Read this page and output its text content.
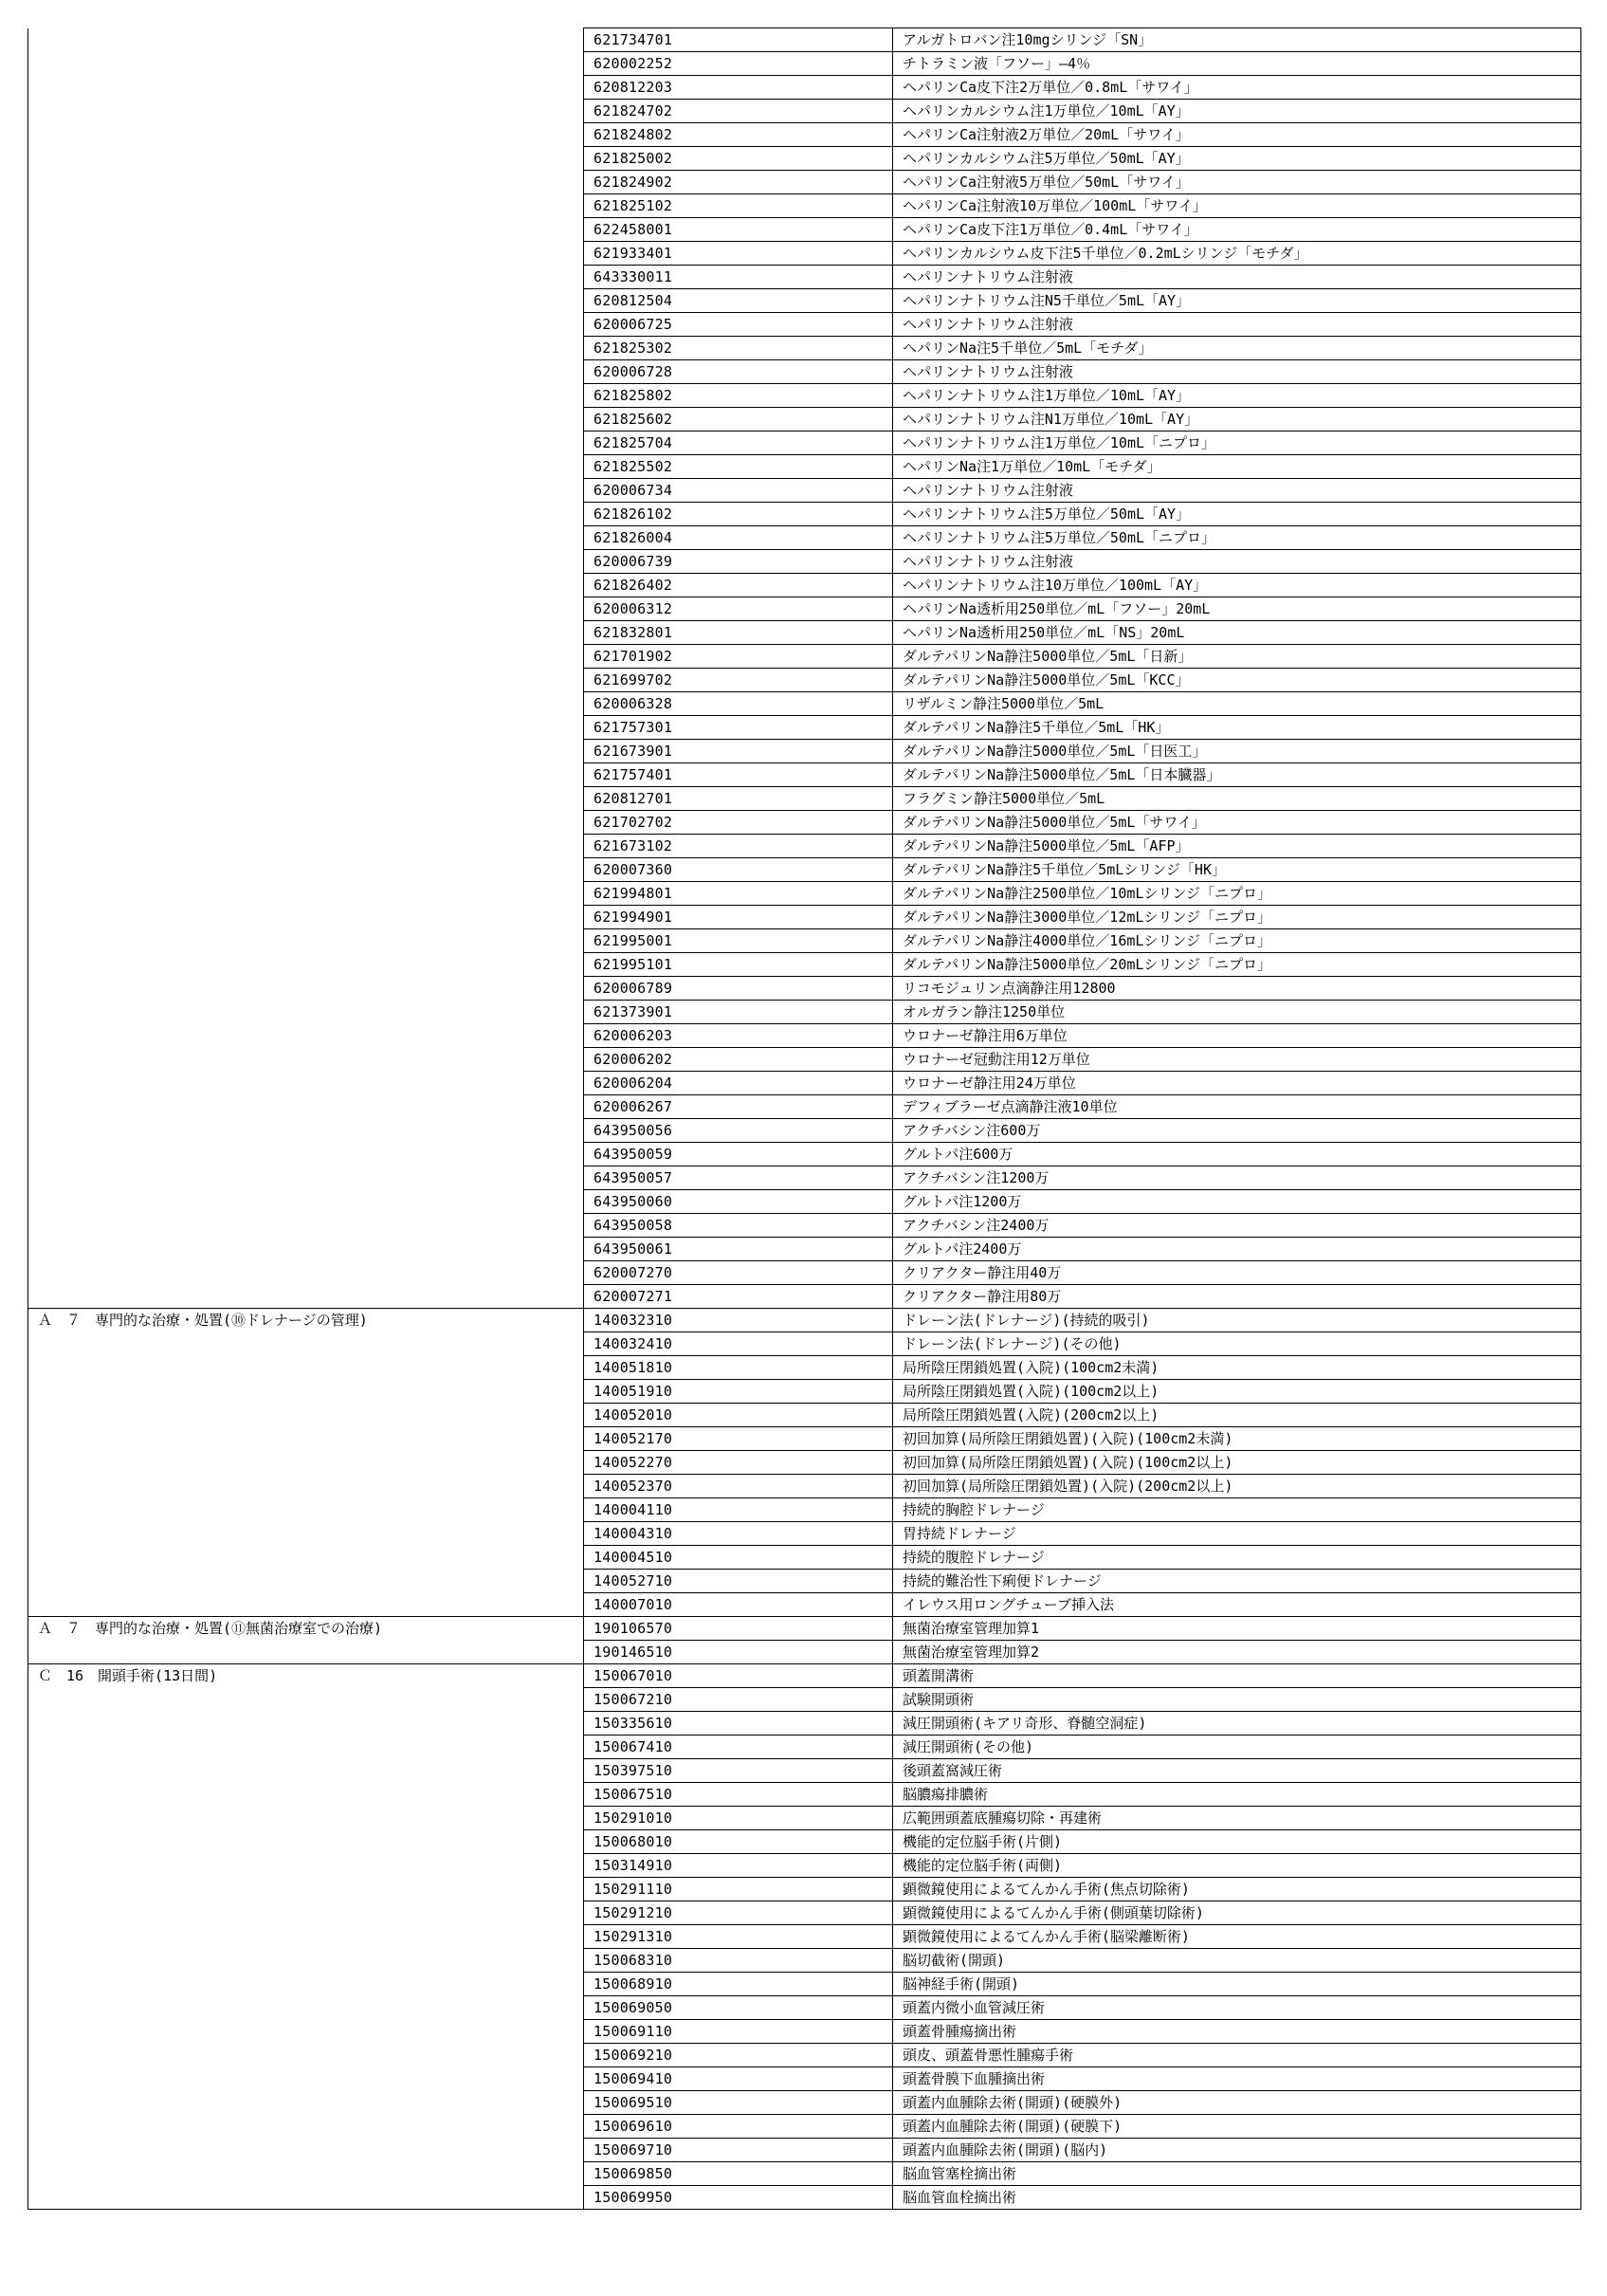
	621734701	アルガトロバン注10mgシリンジ「SN」
	620002252	チトラミン液「フソー」―4％
	620812203	ヘパリンCa皮下注2万単位／0.8mL「サワイ」
	621824702	ヘパリンカルシウム注1万単位／10mL「AY」
	621824802	ヘパリンCa注射液2万単位／20mL「サワイ」
	621825002	ヘパリンカルシウム注5万単位／50mL「AY」
	621824902	ヘパリンCa注射液5万単位／50mL「サワイ」
	621825102	ヘパリンCa注射液10万単位／100mL「サワイ」
	622458001	ヘパリンCa皮下注1万単位／0.4mL「サワイ」
	621933401	ヘパリンカルシウム皮下注5千単位／0.2mLシリンジ「モチダ」
	643330011	ヘパリンナトリウム注射液
	620812504	ヘパリンナトリウム注N5千単位／5mL「AY」
	620006725	ヘパリンナトリウム注射液
	621825302	ヘパリンNa注5千単位／5mL「モチダ」
	620006728	ヘパリンナトリウム注射液
	621825802	ヘパリンナトリウム注1万単位／10mL「AY」
	621825602	ヘパリンナトリウム注N1万単位／10mL「AY」
	621825704	ヘパリンナトリウム注1万単位／10mL「ニプロ」
	621825502	ヘパリンNa注1万単位／10mL「モチダ」
	620006734	ヘパリンナトリウム注射液
	621826102	ヘパリンナトリウム注5万単位／50mL「AY」
	621826004	ヘパリンナトリウム注5万単位／50mL「ニプロ」
	620006739	ヘパリンナトリウム注射液
	621826402	ヘパリンナトリウム注10万単位／100mL「AY」
	620006312	ヘパリンNa透析用250単位／mL「フソー」20mL
	621832801	ヘパリンNa透析用250単位／mL「NS」20mL
	621701902	ダルテパリンNa静注5000単位／5mL「日新」
	621699702	ダルテパリンNa静注5000単位／5mL「KCC」
	620006328	リザルミン静注5000単位／5mL
	621757301	ダルテパリンNa静注5千単位／5mL「HK」
	621673901	ダルテパリンNa静注5000単位／5mL「日医工」
	621757401	ダルテパリンNa静注5000単位／5mL「日本臓器」
	620812701	フラグミン静注5000単位／5mL
	621702702	ダルテパリンNa静注5000単位／5mL「サワイ」
	621673102	ダルテパリンNa静注5000単位／5mL「AFP」
	620007360	ダルテパリンNa静注5千単位／5mLシリンジ「HK」
	621994801	ダルテパリンNa静注2500単位／10mLシリンジ「ニプロ」
	621994901	ダルテパリンNa静注3000単位／12mLシリンジ「ニプロ」
	621995001	ダルテパリンNa静注4000単位／16mLシリンジ「ニプロ」
	621995101	ダルテパリンNa静注5000単位／20mLシリンジ「ニプロ」
	620006789	リコモジュリン点滴静注用12800
	621373901	オルガラン静注1250単位
	620006203	ウロナーゼ静注用6万単位
	620006202	ウロナーゼ冠動注用12万単位
	620006204	ウロナーゼ静注用24万単位
	620006267	デフィブラーゼ点滴静注液10単位
	643950056	アクチバシン注600万
	643950059	グルトパ注600万
	643950057	アクチバシン注1200万
	643950060	グルトパ注1200万
	643950058	アクチバシン注2400万
	643950061	グルトパ注2400万
	620007270	クリアクター静注用40万
	620007271	クリアクター静注用80万
Ａ　７　専門的な治療・処置(⑩ドレナージの管理)	140032310	ドレーン法(ドレナージ)(持続的吸引)
	140032410	ドレーン法(ドレナージ)(その他)
	140051810	局所陰圧閉鎖処置(入院)(100cm2未満)
	140051910	局所陰圧閉鎖処置(入院)(100cm2以上)
	140052010	局所陰圧閉鎖処置(入院)(200cm2以上)
	140052170	初回加算(局所陰圧閉鎖処置)(入院)(100cm2未満)
	140052270	初回加算(局所陰圧閉鎖処置)(入院)(100cm2以上)
	140052370	初回加算(局所陰圧閉鎖処置)(入院)(200cm2以上)
	140004110	持続的胸腔ドレナージ
	140004310	胃持続ドレナージ
	140004510	持続的腹腔ドレナージ
	140052710	持続的難治性下痢便ドレナージ
	140007010	イレウス用ロングチューブ挿入法
Ａ　７　専門的な治療・処置(⑪無菌治療室での治療)	190106570	無菌治療室管理加算1
	190146510	無菌治療室管理加算2
Ｃ　16　開頭手術(13日間)	150067010	頭蓋開溝術
	150067210	試験開頭術
	150335610	減圧開頭術(キアリ奇形、脊髄空洞症)
	150067410	減圧開頭術(その他)
	150397510	後頭蓋窩減圧術
	150067510	脳膿瘍排膿術
	150291010	広範囲頭蓋底腫瘍切除・再建術
	150068010	機能的定位脳手術(片側)
	150314910	機能的定位脳手術(両側)
	150291110	顕微鏡使用によるてんかん手術(焦点切除術)
	150291210	顕微鏡使用によるてんかん手術(側頭葉切除術)
	150291310	顕微鏡使用によるてんかん手術(脳梁離断術)
	150068310	脳切截術(開頭)
	150068910	脳神経手術(開頭)
	150069050	頭蓋内微小血管減圧術
	150069110	頭蓋骨腫瘍摘出術
	150069210	頭皮、頭蓋骨悪性腫瘍手術
	150069410	頭蓋骨膜下血腫摘出術
	150069510	頭蓋内血腫除去術(開頭)(硬膜外)
	150069610	頭蓋内血腫除去術(開頭)(硬膜下)
	150069710	頭蓋内血腫除去術(開頭)(脳内)
	150069850	脳血管塞栓摘出術
	150069950	脳血管血栓摘出術
